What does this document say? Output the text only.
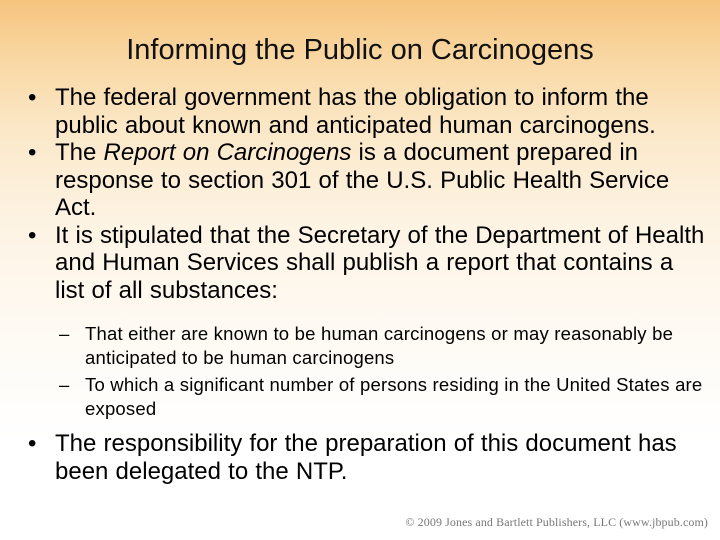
Informing the Public on Carcinogens

• The federal government has the obligation to inform the public about known and anticipated human carcinogens.

• The Report on Carcinogens is a document prepared in response to section 301 of the U.S. Public Health Service Act.

• It is stipulated that the Secretary of the Department of Health and Human Services shall publish a report that contains a list of all substances:

– That either are known to be human carcinogens or may reasonably be anticipated to be human carcinogens

– To which a significant number of persons residing in the United States are exposed

• The responsibility for the preparation of this document has been delegated to the NTP.

© 2009 Jones and Bartlett Publishers, LLC (www.jbpub.com)
